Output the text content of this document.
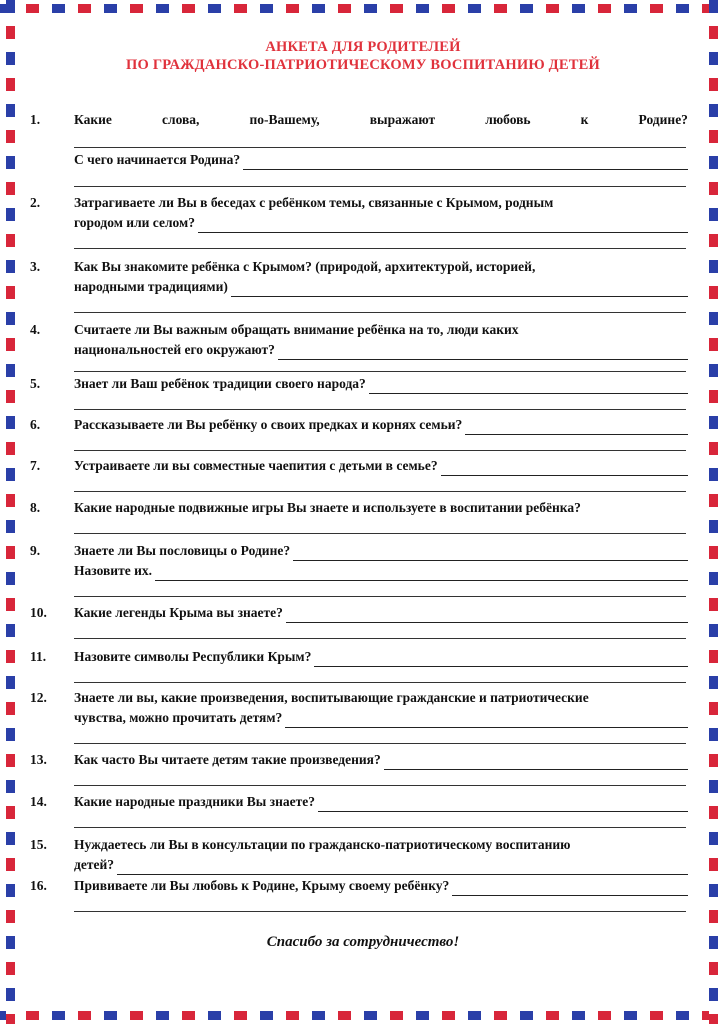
АНКЕТА ДЛЯ РОДИТЕЛЕЙ
ПО ГРАЖДАНСКО-ПАТРИОТИЧЕСКОМУ ВОСПИТАНИЮ ДЕТЕЙ
1.	Какие	слова,	по-Вашему,	выражают	любовь	к	Родине?
С чего начинается Родина?
2.	Затрагиваете ли Вы в беседах с ребёнком темы, связанные с Крымом, родным
городом или селом?
3.	Как Вы знакомите ребёнка с Крымом? (природой, архитектурой, историей,
народными традициями)
4.	Считаете ли Вы важным обращать внимание ребёнка на то, люди каких
национальностей его окружают?
5.	Знает ли Ваш ребёнок традиции своего народа?
6.	Рассказываете ли Вы ребёнку о своих предках и корнях семьи?
7.	Устраиваете ли вы совместные чаепития с детьми в семье?
8.	Какие народные подвижные игры Вы знаете и используете в воспитании ребёнка?
9.	Знаете ли Вы пословицы о Родине?
Назовите их.
10.	Какие легенды Крыма вы знаете?
11.	Назовите символы Республики Крым?
12.	Знаете ли вы, какие произведения, воспитывающие гражданские и патриотические
чувства, можно прочитать детям?
13.	Как часто Вы читаете детям такие произведения?
14.	Какие народные праздники Вы знаете?
15.	Нуждаетесь ли Вы в консультации по гражданско-патриотическому воспитанию
детей?
16.	Прививаете ли Вы любовь к Родине, Крыму своему ребёнку?
Спасибо за сотрудничество!
